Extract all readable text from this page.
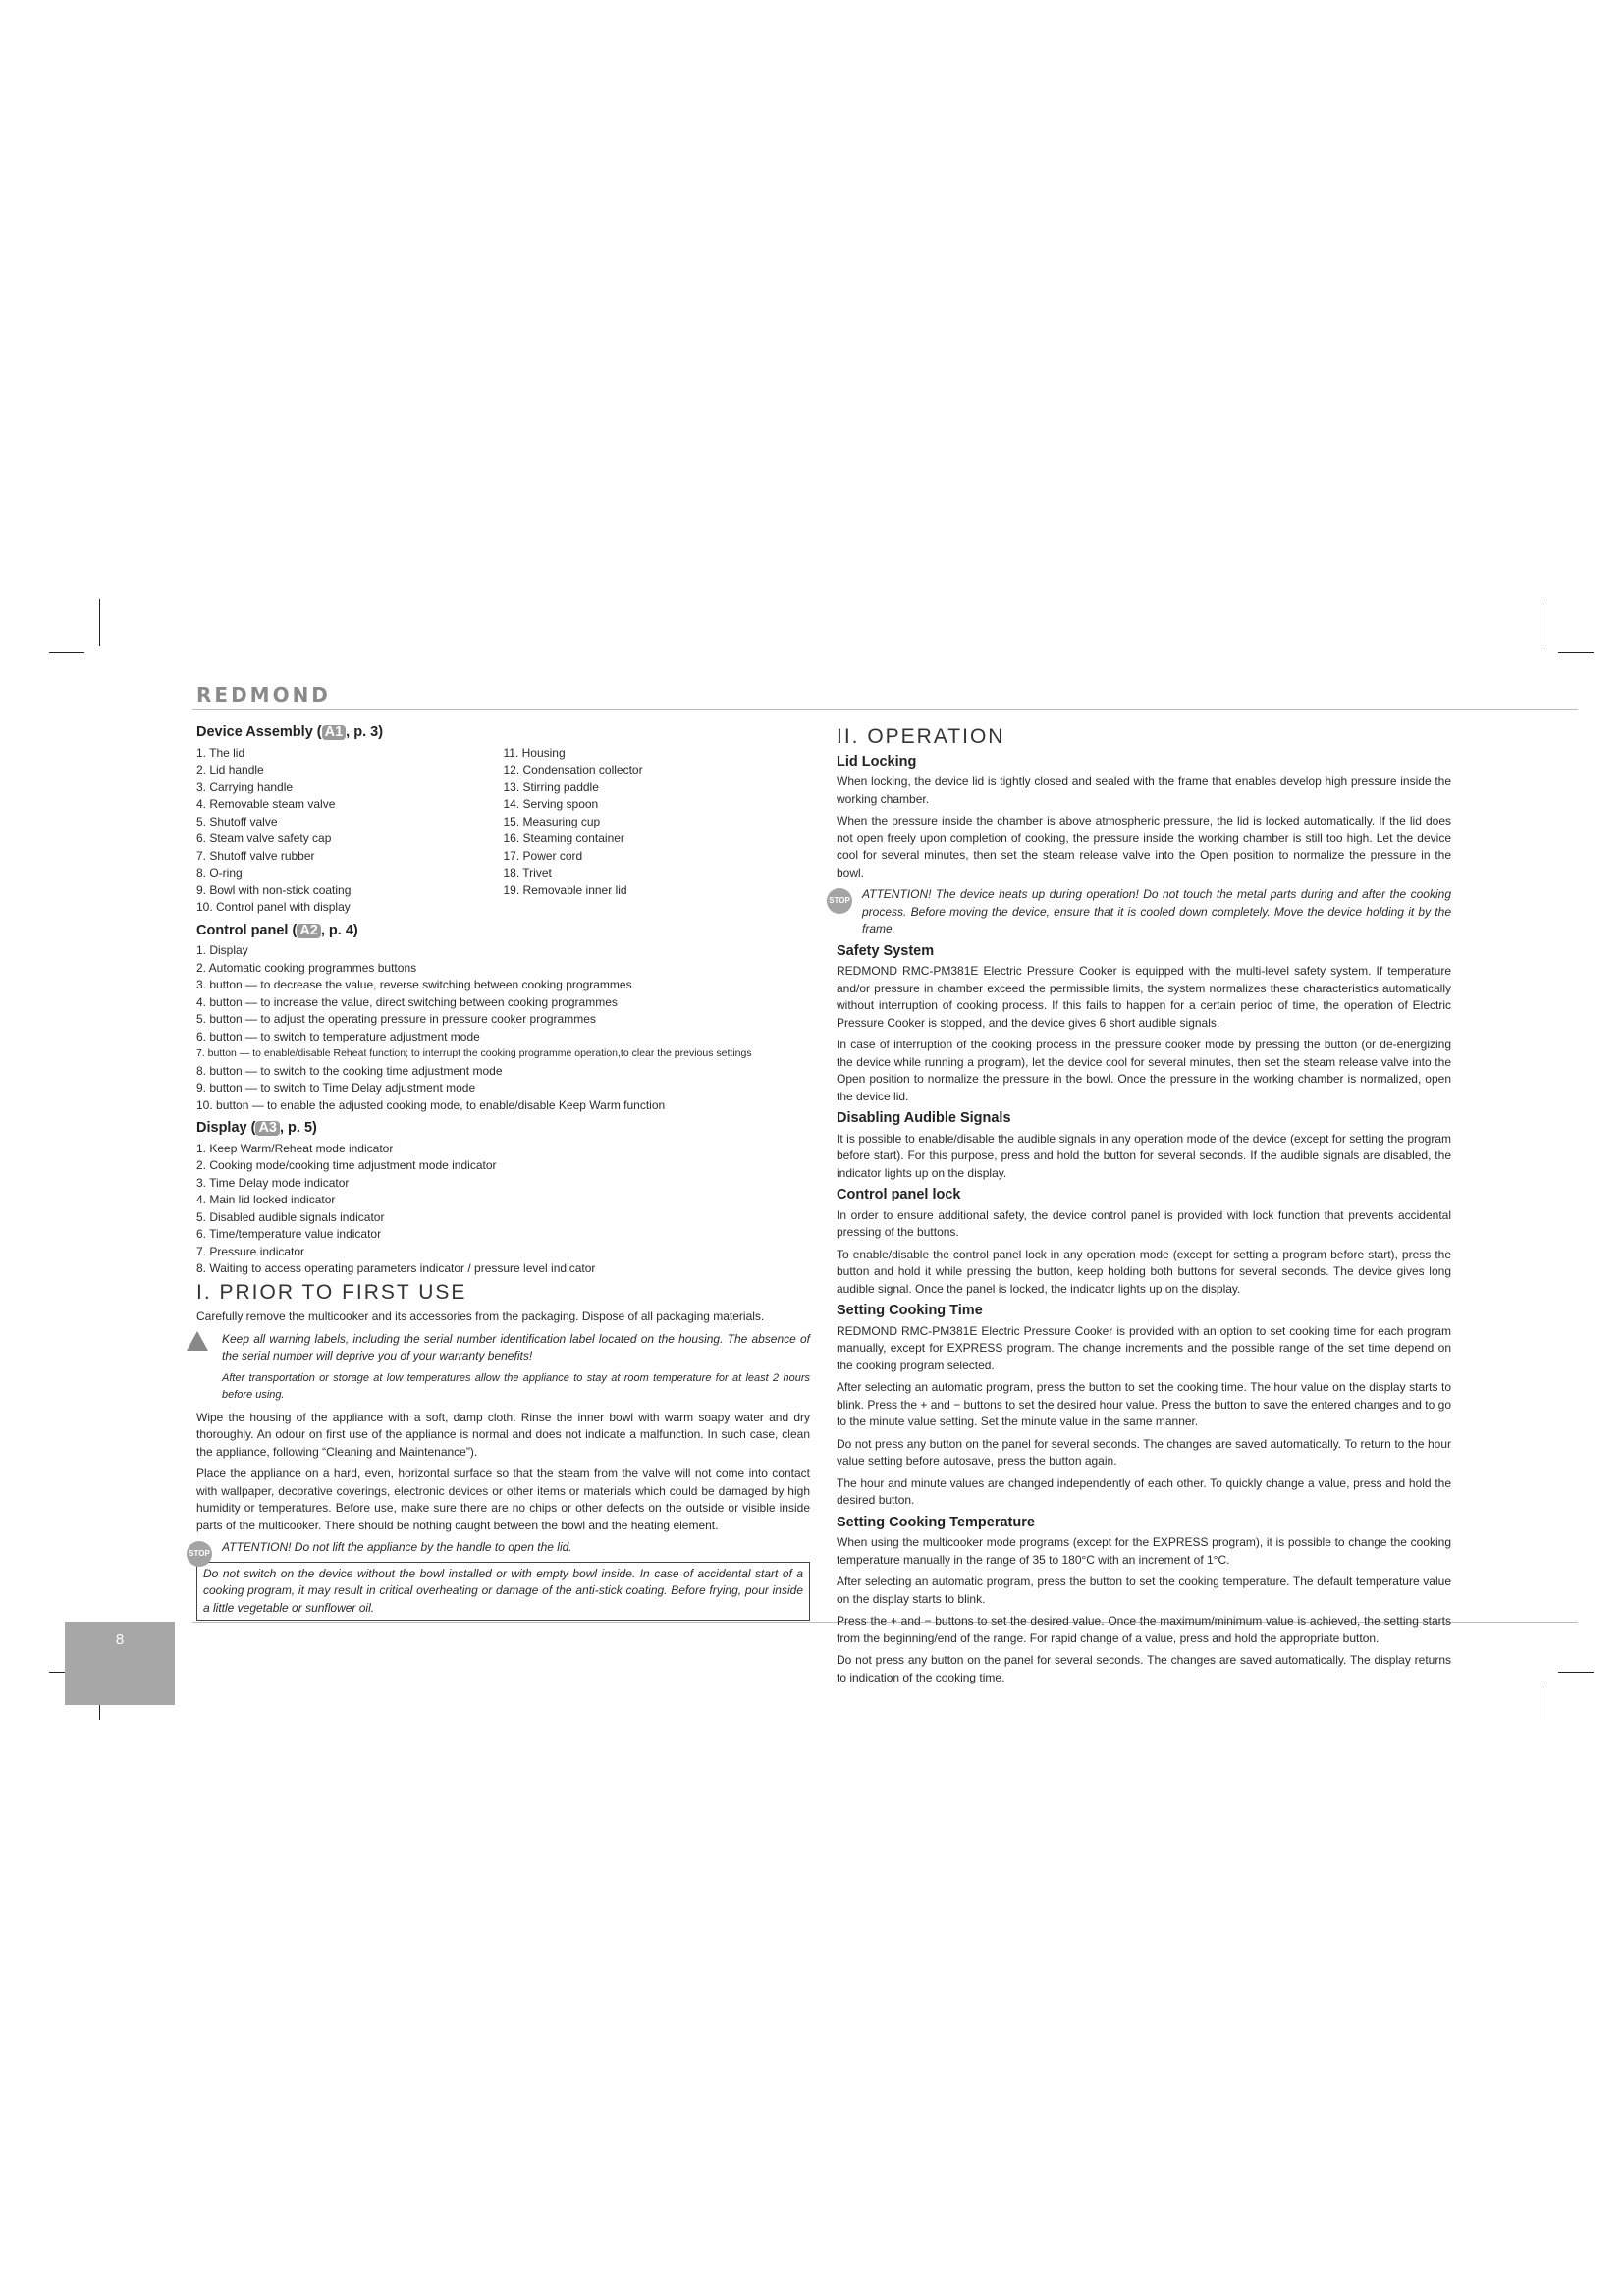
REDMOND
8
Device Assembly ( A1 , p. 3)
1. The lid
2. Lid handle
3. Carrying handle
4. Removable steam valve
5. Shutoff valve
6. Steam valve safety cap
7. Shutoff valve rubber
8. O-ring
9. Bowl with non-stick coating
10. Control panel with display
11. Housing
12. Condensation collector
13. Stirring paddle
14. Serving spoon
15. Measuring cup
16. Steaming container
17. Power cord
18. Trivet
19. Removable inner lid
Control panel ( A2 , p. 4)
1. Display
2. Automatic cooking programmes buttons
3. button — to decrease the value, reverse switching between cooking programmes
4. button — to increase the value, direct switching between cooking programmes
5. button — to adjust the operating pressure in pressure cooker programmes
6. button — to switch to temperature adjustment mode
7. button — to enable/disable Reheat function; to interrupt the cooking programme operation,to clear the previous settings
8. button — to switch to the cooking time adjustment mode
9. button — to switch to Time Delay adjustment mode
10. button — to enable the adjusted cooking mode, to enable/disable Keep Warm function
Display ( A3 , p. 5)
1. Keep Warm/Reheat mode indicator
2. Cooking mode/cooking time adjustment mode indicator
3. Time Delay mode indicator
4. Main lid locked indicator
5. Disabled audible signals indicator
6. Time/temperature value indicator
7. Pressure indicator
8. Waiting to access operating parameters indicator / pressure level indicator
I. PRIOR TO FIRST USE

Carefully remove the multicooker and its accessories from the packaging. Dispose of all packaging materials.

Keep all warning labels, including the serial number identification label located on the housing. The absence of the serial number will deprive you of your warranty benefits!
After transportation or storage at low temperatures allow the appliance to stay at room temperature for at least 2 hours before using.

Wipe the housing of the appliance with a soft, damp cloth. Rinse the inner bowl with warm soapy water and dry thoroughly. An odour on first use of the appliance is normal and does not indicate a malfunction. In such case, clean the appliance, following “Cleaning and Maintenance”).

Place the appliance on a hard, even, horizontal surface so that the steam from the valve will not come into contact with wallpaper, decorative coverings, electronic devices or other items or materials which could be damaged by high humidity or temperatures. Before use, make sure there are no chips or other defects on the outside or visible inside parts of the multicooker. There should be nothing caught between the bowl and the heating element.

STOP ATTENTION! Do not lift the appliance by the handle to open the lid.
Do not switch on the device without the bowl installed or with empty bowl inside. In case of accidental start of a cooking program, it may result in critical overheating or damage of the anti-stick coating. Before frying, pour inside a little vegetable or sunflower oil.
II. OPERATION
Lid Locking

When locking, the device lid is tightly closed and sealed with the frame that enables develop high pressure inside the working chamber.

When the pressure inside the chamber is above atmospheric pressure, the lid is locked automatically. If the lid does not open freely upon completion of cooking, the pressure inside the working chamber is still too high. Let the device cool for several minutes, then set the steam release valve into the Open position to normalize the pressure in the bowl.

STOP ATTENTION! The device heats up during operation! Do not touch the metal parts during and after the cooking process. Before moving the device, ensure that it is cooled down completely. Move the device holding it by the frame.
Safety System

REDMOND RMC-PM381E Electric Pressure Cooker is equipped with the multi-level safety system. If temperature and/or pressure in chamber exceed the permissible limits, the system normalizes these characteristics automatically without interruption of cooking process. If this fails to happen for a certain period of time, the operation of Electric Pressure Cooker is stopped, and the device gives 6 short audible signals.

In case of interruption of the cooking process in the pressure cooker mode by pressing the button (or de-energizing the device while running a program), let the device cool for several minutes, then set the steam release valve into the Open position to normalize the pressure in the bowl. Once the pressure in the working chamber is normalized, open the device lid.

Disabling Audible Signals

It is possible to enable/disable the audible signals in any operation mode of the device (except for setting the program before start). For this purpose, press and hold the button for several seconds. If the audible signals are disabled, the indicator lights up on the display.

Control panel lock

In order to ensure additional safety, the device control panel is provided with lock function that prevents accidental pressing of the buttons.

To enable/disable the control panel lock in any operation mode (except for setting a program before start), press the button and hold it while pressing the button, keep holding both buttons for several seconds. The device gives long audible signal. Once the panel is locked, the indicator lights up on the display.

Setting Cooking Time

REDMOND RMC-PM381E Electric Pressure Cooker is provided with an option to set cooking time for each program manually, except for EXPRESS program. The change increments and the possible range of the set time depend on the cooking program selected.

After selecting an automatic program, press the button to set the cooking time. The hour value on the display starts to blink. Press the + and − buttons to set the desired hour value. Press the button to save the entered changes and to go to the minute value setting. Set the minute value in the same manner.

Do not press any button on the panel for several seconds. The changes are saved automatically. To return to the hour value setting before autosave, press the button again.

The hour and minute values are changed independently of each other. To quickly change a value, press and hold the desired button.

Setting Cooking Temperature

When using the multicooker mode programs (except for the EXPRESS program), it is possible to change the cooking temperature manually in the range of 35 to 180°C with an increment of 1°C.

After selecting an automatic program, press the button to set the cooking temperature. The default temperature value on the display starts to blink.

Press the + and − buttons to set the desired value. Once the maximum/minimum value is achieved, the setting starts from the beginning/end of the range. For rapid change of a value, press and hold the appropriate button.

Do not press any button on the panel for several seconds. The changes are saved automatically. The display returns to indication of the cooking time.
